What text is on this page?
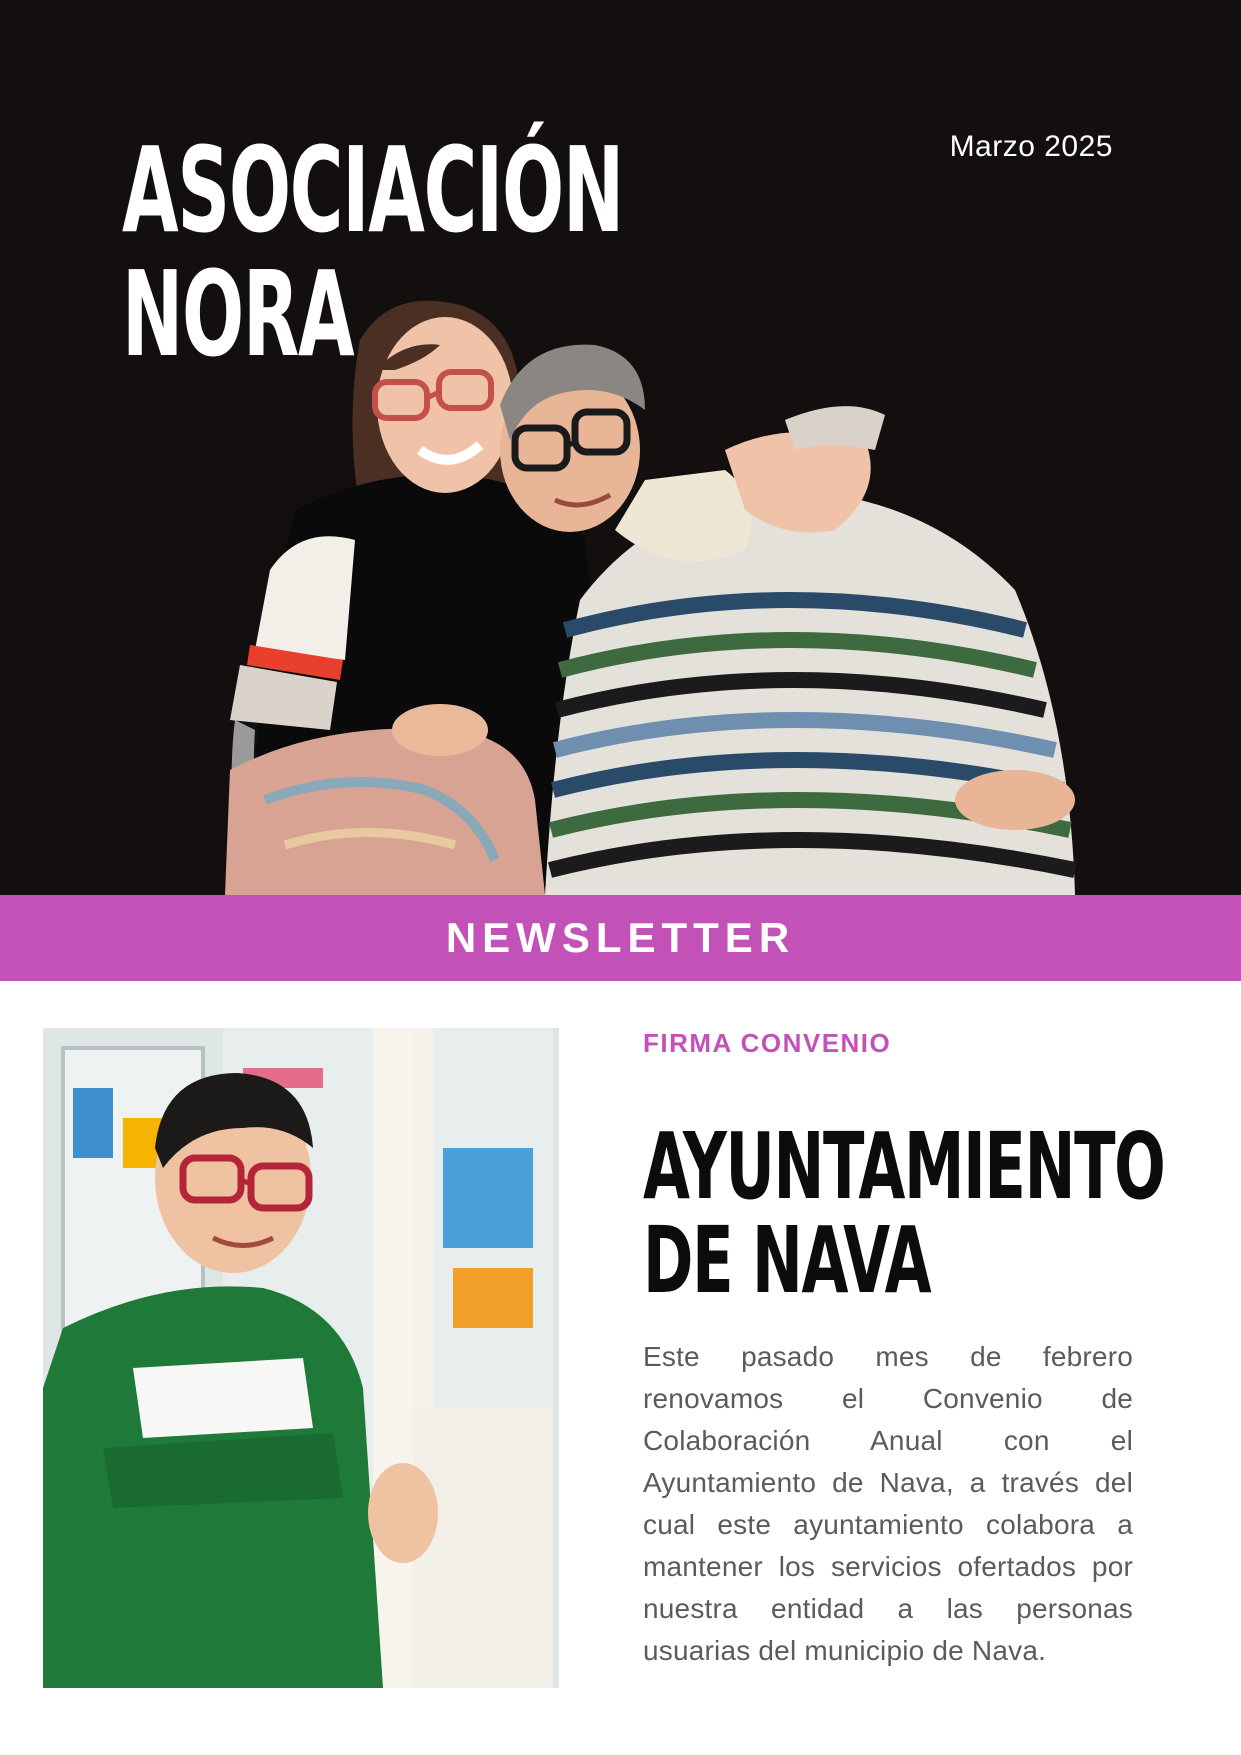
ASOCIACIÓN
NORA
Marzo 2025
NEWSLETTER
FIRMA CONVENIO
AYUNTAMIENTO
DE NAVA

Este pasado mes de febrero renovamos el Convenio de Colaboración Anual con el Ayuntamiento de Nava, a través del cual este ayuntamiento colabora a mantener los servicios ofertados por nuestra entidad a las personas usuarias del municipio de Nava.
